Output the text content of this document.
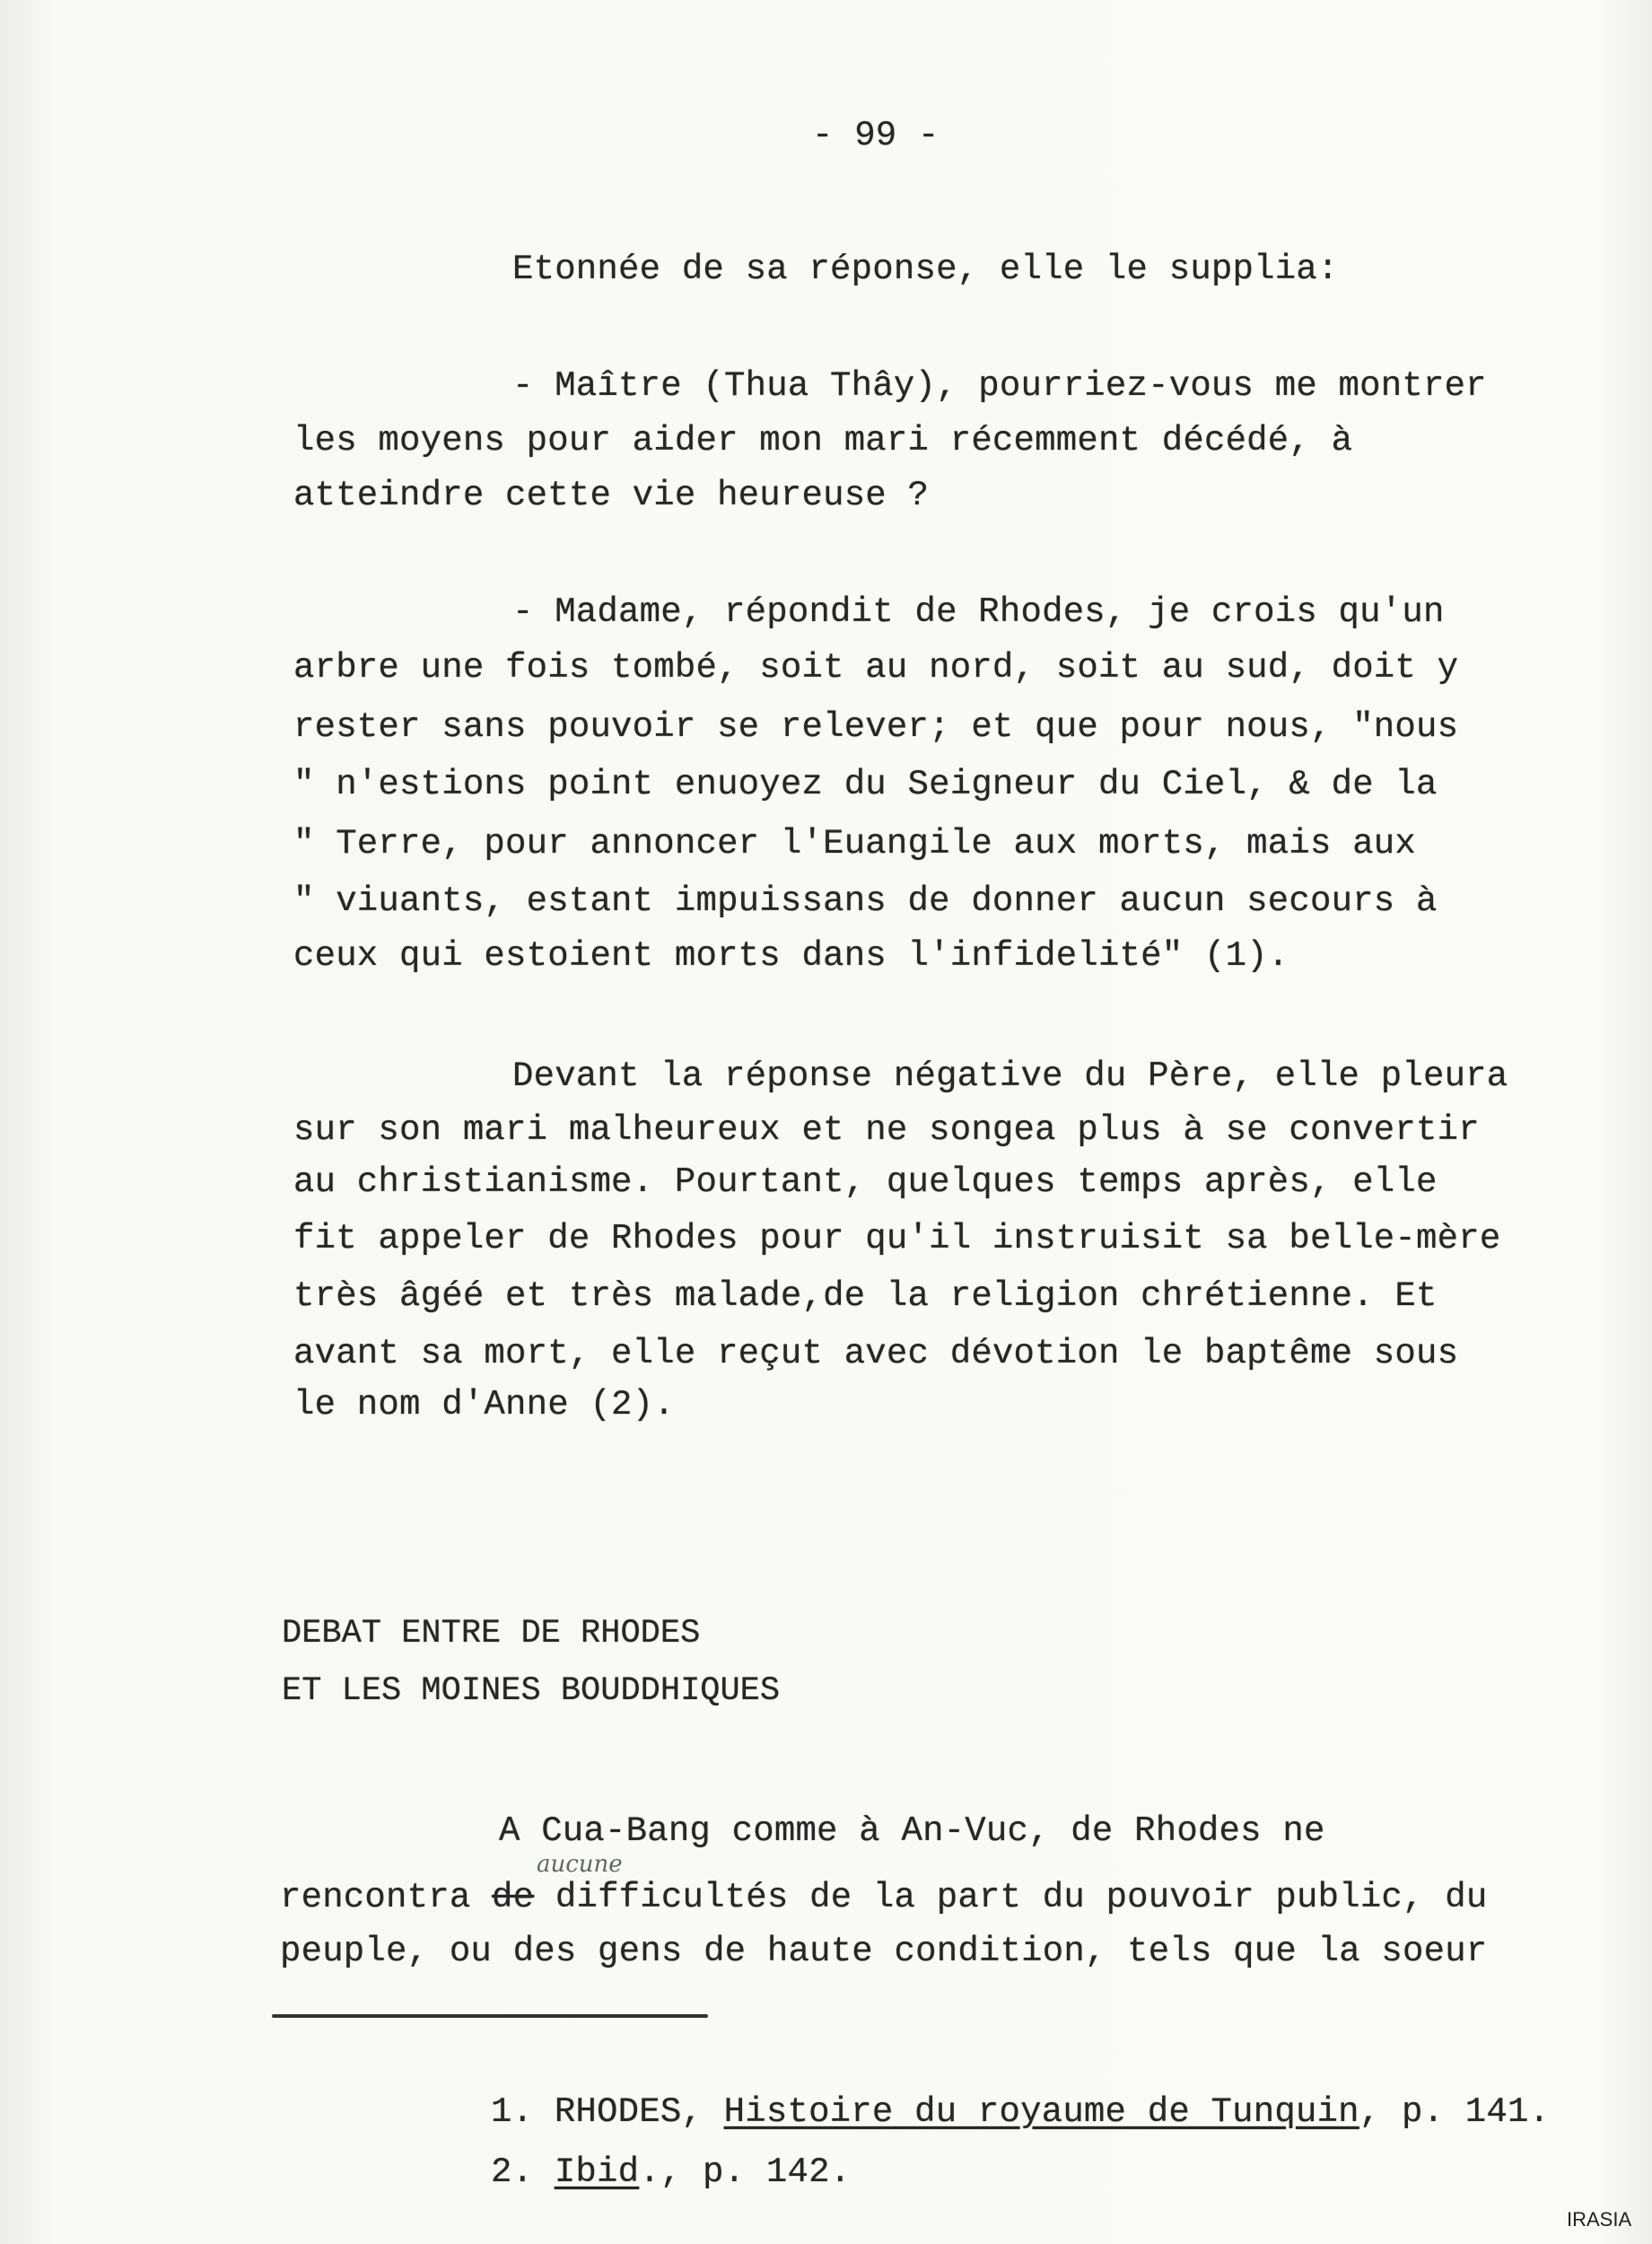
- 99 -
Etonnée de sa réponse, elle le supplia:
- Maître (Thua Thây), pourriez-vous me montrer
les moyens pour aider mon mari récemment décédé, à
atteindre cette vie heureuse ?
- Madame, répondit de Rhodes, je crois qu'un
arbre une fois tombé, soit au nord, soit au sud, doit y
rester sans pouvoir se relever; et que pour nous, "nous
" n'estions point enuoyez du Seigneur du Ciel, & de la
" Terre, pour annoncer l'Euangile aux morts, mais aux
" viuants, estant impuissans de donner aucun secours à
ceux qui estoient morts dans l'infidelité" (1).
Devant la réponse négative du Père, elle pleura
sur son mari malheureux et ne songea plus à se convertir
au christianisme. Pourtant, quelques temps après, elle
fit appeler de Rhodes pour qu'il instruisit sa belle-mère
très âgéé et très malade,de la religion chrétienne. Et
avant sa mort, elle reçut avec dévotion le baptême sous
le nom d'Anne (2).
DEBAT ENTRE DE RHODES
ET LES MOINES BOUDDHIQUES
A Cua-Bang comme à An-Vuc, de Rhodes ne
aucune
rencontra de difficultés de la part du pouvoir public, du
peuple, ou des gens de haute condition, tels que la soeur
1. RHODES, Histoire du royaume de Tunquin, p. 141.
2. Ibid., p. 142.
IRASIA
